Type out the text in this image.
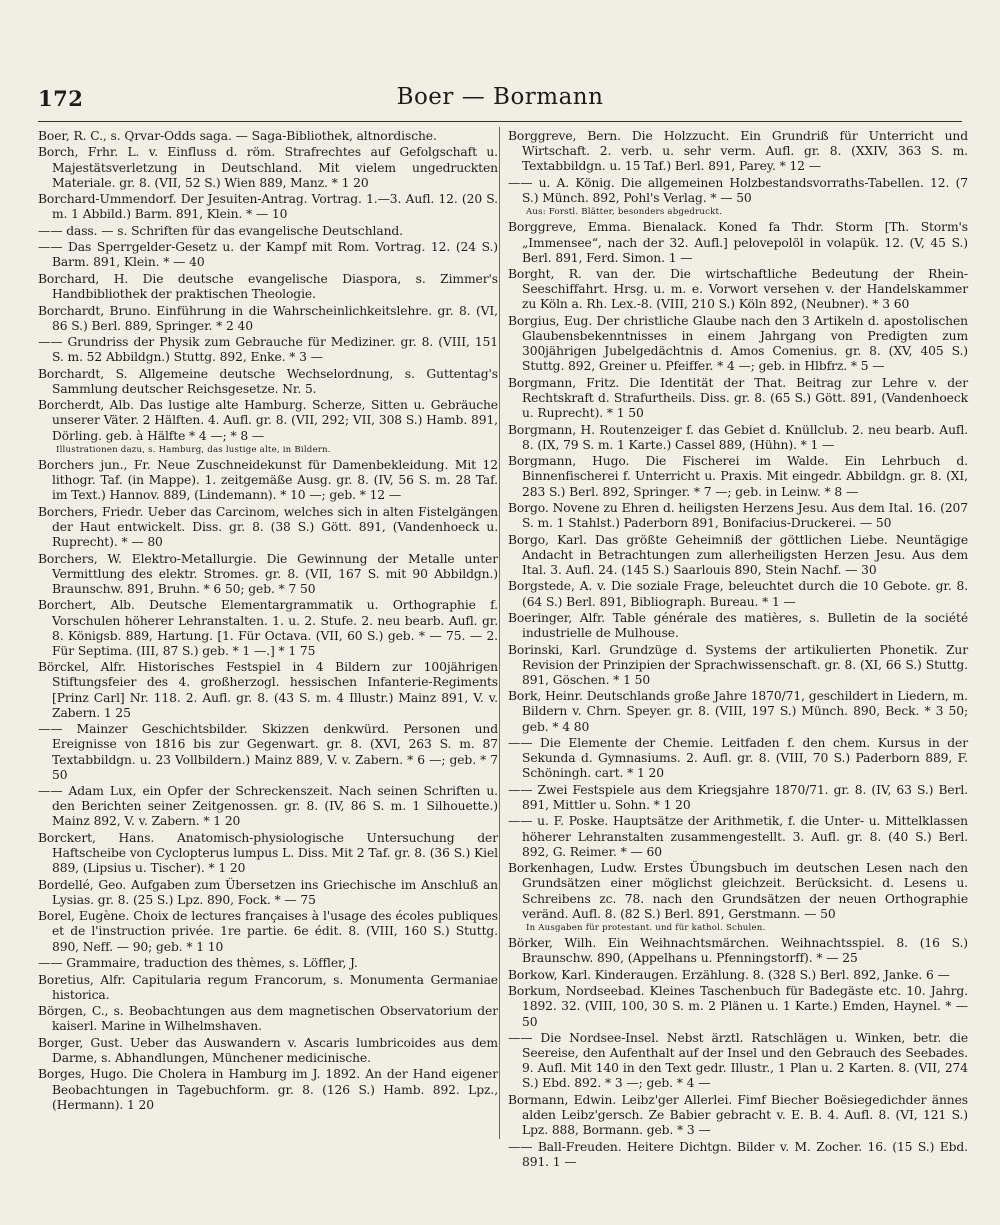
172	Boer — Bormann

Boer, R. C., s. Qrvar-Odds saga. — Saga-Bibliothek, altnordische.

Borch, Frhr. L. v. Einfluss d. röm. Strafrechtes auf Gefolgschaft u. Majestätsverletzung in Deutschland. Mit vielem ungedruckten Materiale. gr. 8. (VII, 52 S.) Wien 889, Manz. * 1 20

Borchard-Ummendorf. Der Jesuiten-Antrag. Vortrag. 1.—3. Aufl. 12. (20 S. m. 1 Abbild.) Barm. 891, Klein. * — 10

—— dass. — s. Schriften für das evangelische Deutschland.

—— Das Sperrgelder-Gesetz u. der Kampf mit Rom. Vortrag. 12. (24 S.) Barm. 891, Klein. * — 40

Borchard, H. Die deutsche evangelische Diaspora, s. Zimmer's Handbibliothek der praktischen Theologie.

Borchardt, Bruno. Einführung in die Wahrscheinlichkeitslehre. gr. 8. (VI, 86 S.) Berl. 889, Springer. * 2 40

—— Grundriss der Physik zum Gebrauche für Mediziner. gr. 8. (VIII, 151 S. m. 52 Abbildgn.) Stuttg. 892, Enke. * 3 —

Borchardt, S. Allgemeine deutsche Wechselordnung, s. Guttentag's Sammlung deutscher Reichsgesetze. Nr. 5.

Borcherdt, Alb. Das lustige alte Hamburg. Scherze, Sitten u. Gebräuche unserer Väter. 2 Hälften. 4. Aufl. gr. 8. (VII, 292; VII, 308 S.) Hamb. 891, Dörling. geb. à Hälfte * 4 —; * 8 —

Illustrationen dazu, s. Hamburg, das lustige alte, in Bildern.

Borchers jun., Fr. Neue Zuschneidekunst für Damenbekleidung. Mit 12 lithogr. Taf. (in Mappe). 1. zeitgemäße Ausg. gr. 8. (IV, 56 S. m. 28 Taf. im Text.) Hannov. 889, (Lindemann). * 10 —; geb. * 12 —

Borchers, Friedr. Ueber das Carcinom, welches sich in alten Fistelgängen der Haut entwickelt. Diss. gr. 8. (38 S.) Gött. 891, (Vandenhoeck u. Ruprecht). * — 80

Borchers, W. Elektro-Metallurgie. Die Gewinnung der Metalle unter Vermittlung des elektr. Stromes. gr. 8. (VII, 167 S. mit 90 Abbildgn.) Braunschw. 891, Bruhn. * 6 50; geb. * 7 50

Borchert, Alb. Deutsche Elementargrammatik u. Orthographie f. Vorschulen höherer Lehranstalten. 1. u. 2. Stufe. 2. neu bearb. Aufl. gr. 8. Königsb. 889, Hartung. [1. Für Octava. (VII, 60 S.) geb. * — 75. — 2. Für Septima. (III, 87 S.) geb. * 1 —.] * 1 75

Börckel, Alfr. Historisches Festspiel in 4 Bildern zur 100jährigen Stiftungsfeier des 4. großherzogl. hessischen Infanterie-Regiments [Prinz Carl] Nr. 118. 2. Aufl. gr. 8. (43 S. m. 4 Illustr.) Mainz 891, V. v. Zabern. 1 25

—— Mainzer Geschichtsbilder. Skizzen denkwürd. Personen und Ereignisse von 1816 bis zur Gegenwart. gr. 8. (XVI, 263 S. m. 87 Textabbildgn. u. 23 Vollbildern.) Mainz 889, V. v. Zabern. * 6 —; geb. * 7 50

—— Adam Lux, ein Opfer der Schreckenszeit. Nach seinen Schriften u. den Berichten seiner Zeitgenossen. gr. 8. (IV, 86 S. m. 1 Silhouette.) Mainz 892, V. v. Zabern. * 1 20

Borckert, Hans. Anatomisch-physiologische Untersuchung der Haftscheibe von Cyclopterus lumpus L. Diss. Mit 2 Taf. gr. 8. (36 S.) Kiel 889, (Lipsius u. Tischer). * 1 20

Bordellé, Geo. Aufgaben zum Übersetzen ins Griechische im Anschluß an Lysias. gr. 8. (25 S.) Lpz. 890, Fock. * — 75

Borel, Eugène. Choix de lectures françaises à l'usage des écoles publiques et de l'instruction privée. 1re partie. 6e édit. 8. (VIII, 160 S.) Stuttg. 890, Neff. — 90; geb. * 1 10

—— Grammaire, traduction des thèmes, s. Löffler, J.

Boretius, Alfr. Capitularia regum Francorum, s. Monumenta Germaniae historica.

Börgen, C., s. Beobachtungen aus dem magnetischen Observatorium der kaiserl. Marine in Wilhelmshaven.

Borger, Gust. Ueber das Auswandern v. Ascaris lumbricoides aus dem Darme, s. Abhandlungen, Münchener medicinische.

Borges, Hugo. Die Cholera in Hamburg im J. 1892. An der Hand eigener Beobachtungen in Tagebuchform. gr. 8. (126 S.) Hamb. 892. Lpz., (Hermann). 1 20

Borggreve, Bern. Die Holzzucht. Ein Grundriß für Unterricht und Wirtschaft. 2. verb. u. sehr verm. Aufl. gr. 8. (XXIV, 363 S. m. Textabbildgn. u. 15 Taf.) Berl. 891, Parey. * 12 —

—— u. A. König. Die allgemeinen Holzbestandsvorraths-Tabellen. 12. (7 S.) Münch. 892, Pohl's Verlag. * — 50

Aus: Forstl. Blätter, besonders abgedruckt.

Borggreve, Emma. Bienalack. Koned fa Thdr. Storm [Th. Storm's „Immensee“, nach der 32. Aufl.] pelovepolöl in volapük. 12. (V, 45 S.) Berl. 891, Ferd. Simon. 1 —

Borght, R. van der. Die wirtschaftliche Bedeutung der Rhein-Seeschiffahrt. Hrsg. u. m. e. Vorwort versehen v. der Handelskammer zu Köln a. Rh. Lex.-8. (VIII, 210 S.) Köln 892, (Neubner). * 3 60

Borgius, Eug. Der christliche Glaube nach den 3 Artikeln d. apostolischen Glaubensbekenntnisses in einem Jahrgang von Predigten zum 300jährigen Jubelgedächtnis d. Amos Comenius. gr. 8. (XV, 405 S.) Stuttg. 892, Greiner u. Pfeiffer. * 4 —; geb. in Hlbfrz. * 5 —

Borgmann, Fritz. Die Identität der That. Beitrag zur Lehre v. der Rechtskraft d. Strafurtheils. Diss. gr. 8. (65 S.) Gött. 891, (Vandenhoeck u. Ruprecht). * 1 50

Borgmann, H. Routenzeiger f. das Gebiet d. Knüllclub. 2. neu bearb. Aufl. 8. (IX, 79 S. m. 1 Karte.) Cassel 889, (Hühn). * 1 —

Borgmann, Hugo. Die Fischerei im Walde. Ein Lehrbuch d. Binnenfischerei f. Unterricht u. Praxis. Mit eingedr. Abbildgn. gr. 8. (XI, 283 S.) Berl. 892, Springer. * 7 —; geb. in Leinw. * 8 —

Borgo. Novene zu Ehren d. heiligsten Herzens Jesu. Aus dem Ital. 16. (207 S. m. 1 Stahlst.) Paderborn 891, Bonifacius-Druckerei. — 50

Borgo, Karl. Das größte Geheimniß der göttlichen Liebe. Neuntägige Andacht in Betrachtungen zum allerheiligsten Herzen Jesu. Aus dem Ital. 3. Aufl. 24. (145 S.) Saarlouis 890, Stein Nachf. — 30

Borgstede, A. v. Die soziale Frage, beleuchtet durch die 10 Gebote. gr. 8. (64 S.) Berl. 891, Bibliograph. Bureau. * 1 —

Boeringer, Alfr. Table générale des matières, s. Bulletin de la société industrielle de Mulhouse.

Borinski, Karl. Grundzüge d. Systems der artikulierten Phonetik. Zur Revision der Prinzipien der Sprachwissenschaft. gr. 8. (XI, 66 S.) Stuttg. 891, Göschen. * 1 50

Bork, Heinr. Deutschlands große Jahre 1870/71, geschildert in Liedern, m. Bildern v. Chrn. Speyer. gr. 8. (VIII, 197 S.) Münch. 890, Beck. * 3 50; geb. * 4 80

—— Die Elemente der Chemie. Leitfaden f. den chem. Kursus in der Sekunda d. Gymnasiums. 2. Aufl. gr. 8. (VIII, 70 S.) Paderborn 889, F. Schöningh. cart. * 1 20

—— Zwei Festspiele aus dem Kriegsjahre 1870/71. gr. 8. (IV, 63 S.) Berl. 891, Mittler u. Sohn. * 1 20

—— u. F. Poske. Hauptsätze der Arithmetik, f. die Unter- u. Mittelklassen höherer Lehranstalten zusammengestellt. 3. Aufl. gr. 8. (40 S.) Berl. 892, G. Reimer. * — 60

Borkenhagen, Ludw. Erstes Übungsbuch im deutschen Lesen nach den Grundsätzen einer möglichst gleichzeit. Berücksicht. d. Lesens u. Schreibens zc. 78. nach den Grundsätzen der neuen Orthographie veränd. Aufl. 8. (82 S.) Berl. 891, Gerstmann. — 50

In Ausgaben für protestant. und für kathol. Schulen.

Börker, Wilh. Ein Weihnachtsmärchen. Weihnachtsspiel. 8. (16 S.) Braunschw. 890, (Appelhans u. Pfenningstorff). * — 25

Borkow, Karl. Kinderaugen. Erzählung. 8. (328 S.) Berl. 892, Janke. 6 —

Borkum, Nordseebad. Kleines Taschenbuch für Badegäste etc. 10. Jahrg. 1892. 32. (VIII, 100, 30 S. m. 2 Plänen u. 1 Karte.) Emden, Haynel. * — 50

—— Die Nordsee-Insel. Nebst ärztl. Ratschlägen u. Winken, betr. die Seereise, den Aufenthalt auf der Insel und den Gebrauch des Seebades. 9. Aufl. Mit 140 in den Text gedr. Illustr., 1 Plan u. 2 Karten. 8. (VII, 274 S.) Ebd. 892. * 3 —; geb. * 4 —

Bormann, Edwin. Leibz'ger Allerlei. Fimf Biecher Boësiegedichder ännes alden Leibz'gersch. Ze Babier gebracht v. E. B. 4. Aufl. 8. (VI, 121 S.) Lpz. 888, Bormann. geb. * 3 —

—— Ball-Freuden. Heitere Dichtgn. Bilder v. M. Zocher. 16. (15 S.) Ebd. 891. 1 —
